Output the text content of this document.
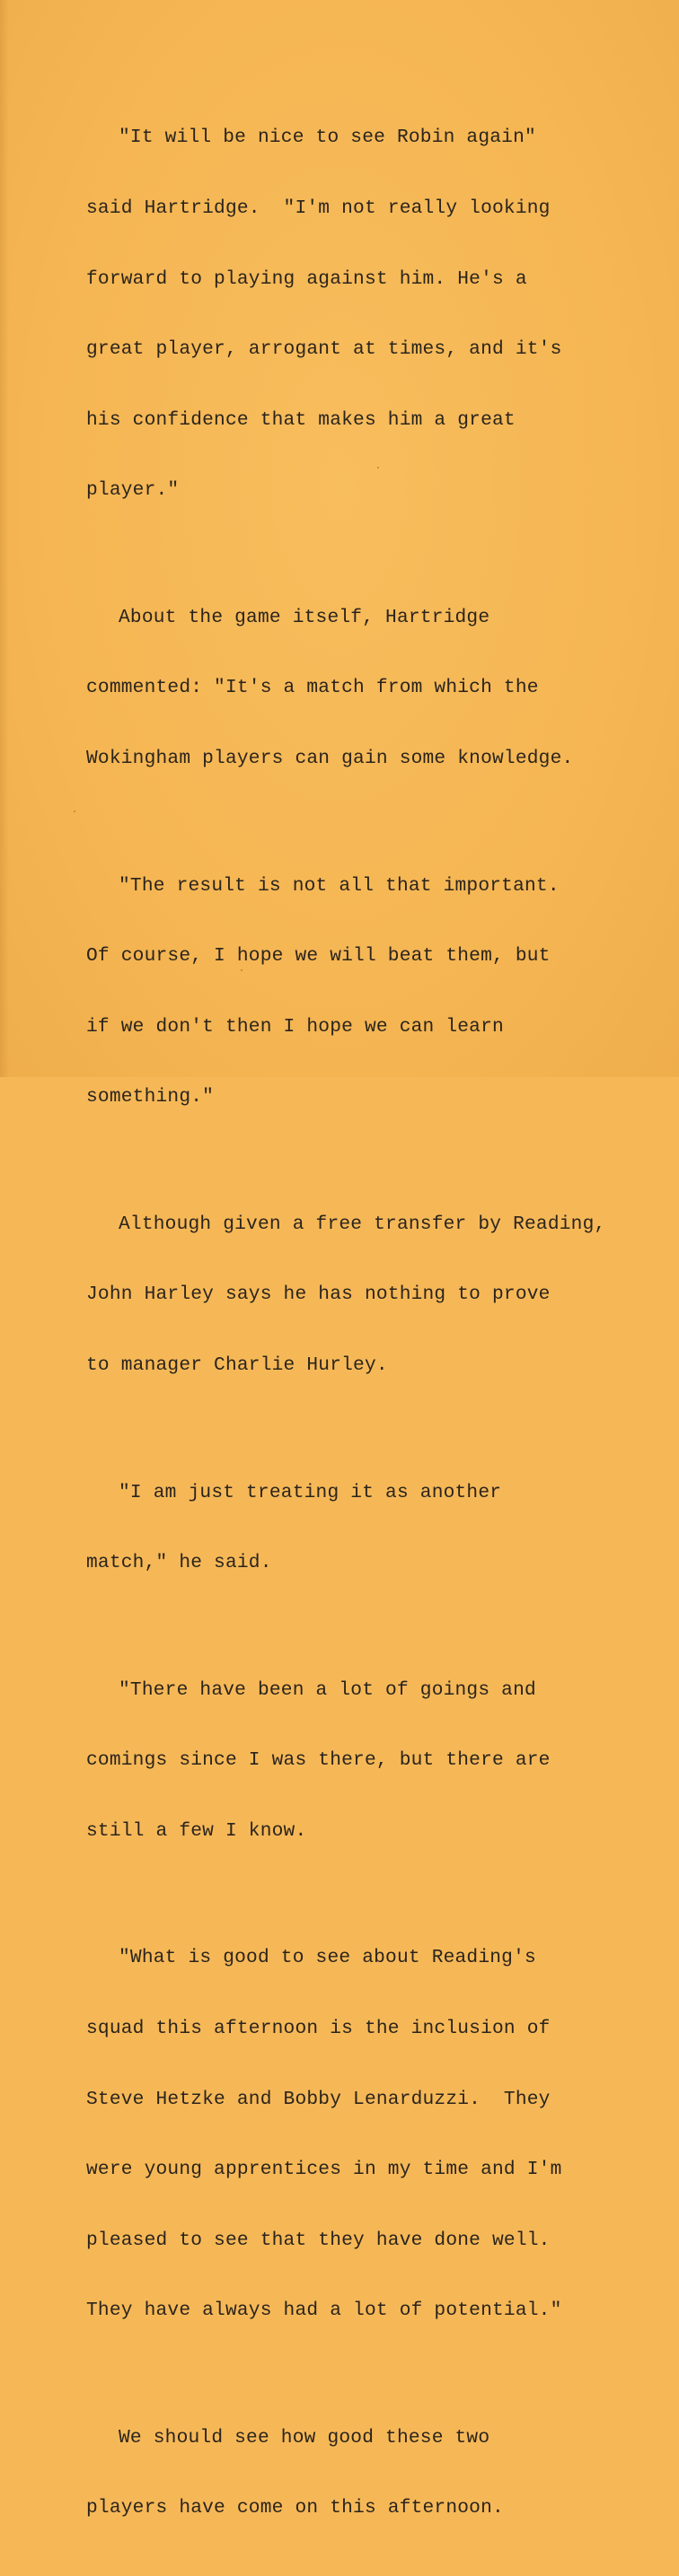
"It will be nice to see Robin again"

said Hartridge.  "I'm not really looking

forward to playing against him. He's a

great player, arrogant at times, and it's

his confidence that makes him a great

player."

About the game itself, Hartridge

commented: "It's a match from which the

Wokingham players can gain some knowledge.

"The result is not all that important.

Of course, I hope we will beat them, but

if we don't then I hope we can learn

something."

Although given a free transfer by Reading,

John Harley says he has nothing to prove

to manager Charlie Hurley.

"I am just treating it as another

match," he said.

"There have been a lot of goings and

comings since I was there, but there are

still a few I know.

"What is good to see about Reading's

squad this afternoon is the inclusion of

Steve Hetzke and Bobby Lenarduzzi.  They

were young apprentices in my time and I'm

pleased to see that they have done well.

They have always had a lot of potential."

We should see how good these two

players have come on this afternoon.
